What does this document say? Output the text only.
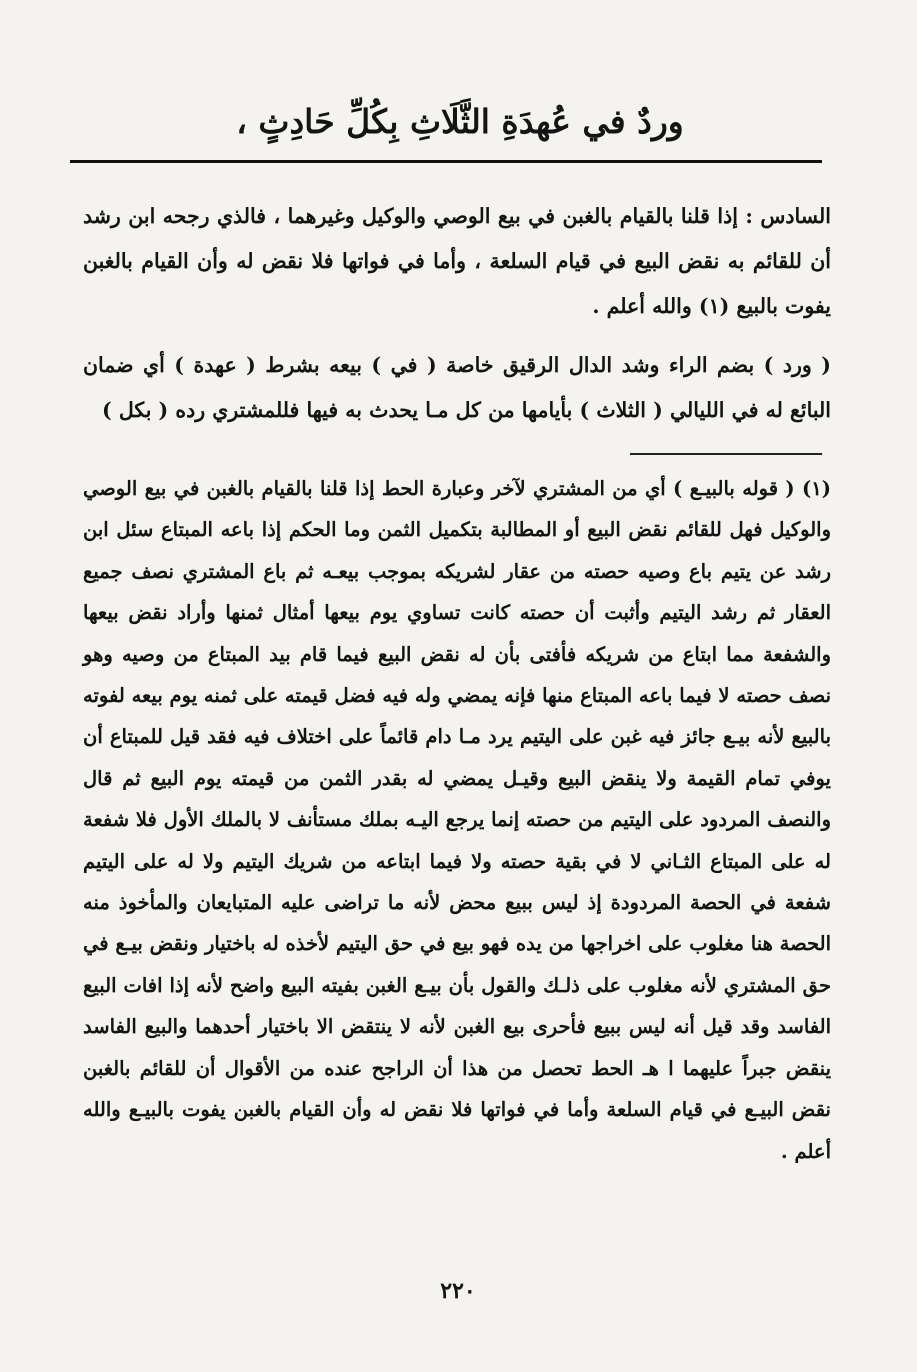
وردٌ في عُهدَةِ الثَّلَاثِ بِكُلِّ حَادِثٍ ،
السادس : إذا قلنا بالقيام بالغبن في بيع الوصي والوكيل وغيرهما ، فالذي رجحه ابن رشد أن للقائم به نقض البيع في قيام السلعة ، وأما في فواتها فلا نقض له وأن القيام بالغبن يفوت بالبيع (١) والله أعلم .
( ورد ) بضم الراء وشد الدال الرقيق خاصة ( في ) بيعه بشرط ( عهدة ) أي ضمان البائع له في الليالي ( الثلاث ) بأيامها من كل مـا يحدث به فيها فللمشتري رده ( بكل )
(١) ( قوله بالبيـع ) أي من المشتري لآخر وعبارة الحط إذا قلنا بالقيام بالغبن في بيع الوصي والوكيل فهل للقائم نقض البيع أو المطالبة بتكميل الثمن وما الحكم إذا باعه المبتاع سئل ابن رشد عن يتيم باع وصيه حصته من عقار لشريكه بموجب بيعـه ثم باع المشتري نصف جميع العقار ثم رشد اليتيم وأثبت أن حصته كانت تساوي يوم بيعها أمثال ثمنها وأراد نقض بيعها والشفعة مما ابتاع من شريكه فأفتى بأن له نقض البيع فيما قام بيد المبتاع من وصيه وهو نصف حصته لا فيما باعه المبتاع منها فإنه يمضي وله فيه فضل قيمته على ثمنه يوم بيعه لفوته بالبيع لأنه بيـع جائز فيه غبن على اليتيم يرد مـا دام قائماً على اختلاف فيه فقد قيل للمبتاع أن يوفي تمام القيمة ولا ينقض البيع وقيـل يمضي له بقدر الثمن من قيمته يوم البيع ثم قال والنصف المردود على اليتيم من حصته إنما يرجع اليـه بملك مستأنف لا بالملك الأول فلا شفعة له على المبتاع الثـاني لا في بقية حصته ولا فيما ابتاعه من شريك اليتيم ولا له على اليتيم شفعة في الحصة المردودة إذ ليس ببيع محض لأنه ما تراضى عليه المتبايعان والمأخوذ منه الحصة هنا مغلوب على اخراجها من يده فهو بيع في حق اليتيم لأخذه له باختيار ونقض بيـع في حق المشتري لأنه مغلوب على ذلـك والقول بأن بيـع الغبن بفيته البيع واضح لأنه إذا افات البيع الفاسد وقد قيل أنه ليس ببيع فأحرى بيع الغبن لأنه لا ينتقض الا باختيار أحدهما والبيع الفاسد ينقض جبراً عليهما ا هـ الحط تحصل من هذا أن الراجح عنده من الأقوال أن للقائم بالغبن نقض البيـع في قيام السلعة وأما في فواتها فلا نقض له وأن القيام بالغبن يفوت بالبيـع والله أعلم .
٢٢٠
